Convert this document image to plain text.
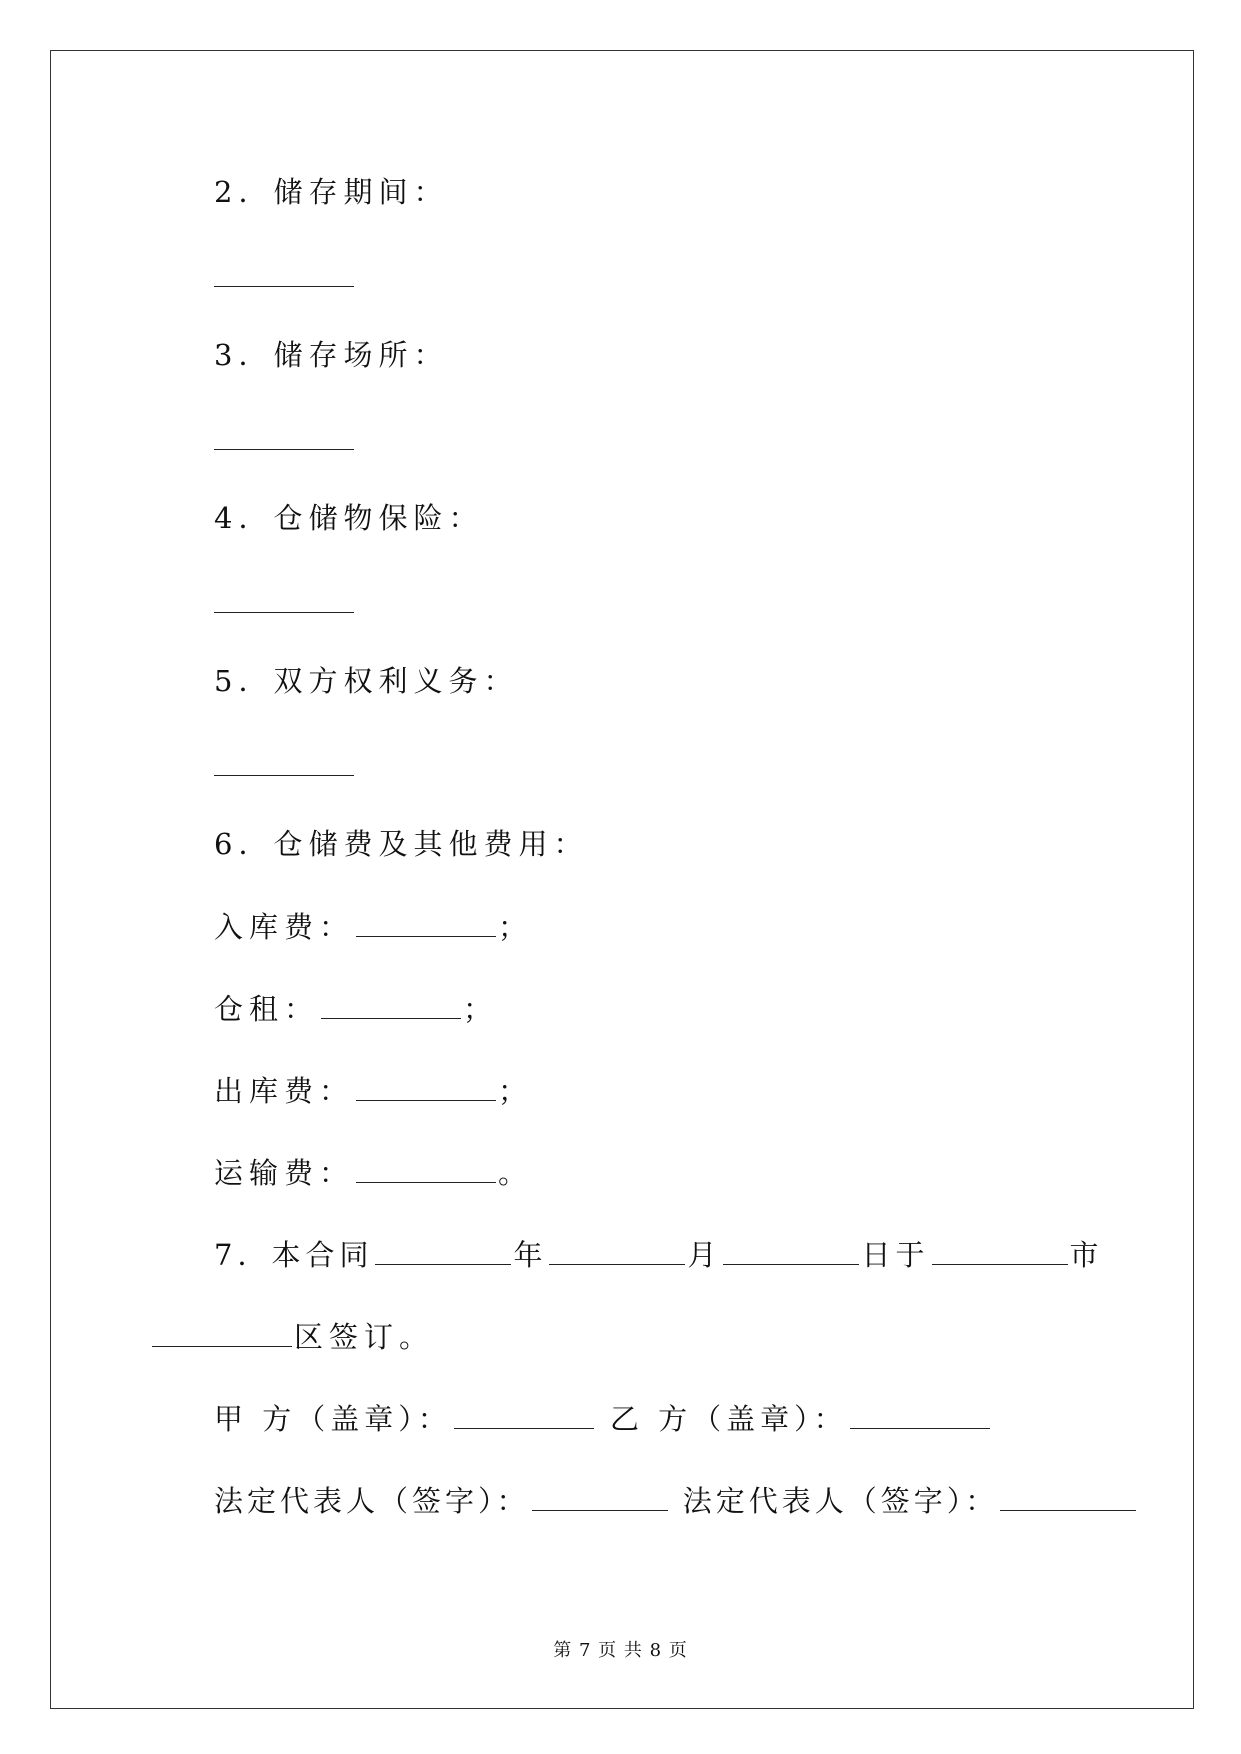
2．储存期间：
3．储存场所：
4．仓储物保险：
5．双方权利义务：
6．仓储费及其他费用：
入库费：	；
仓租：	；
出库费：	；
运输费：	。
7．本合同	年	月	日于	市
区签订。
甲 方（盖章）：	乙 方（盖章）：
法定代表人（签字）：	法定代表人（签字）：
第 7 页 共 8 页
